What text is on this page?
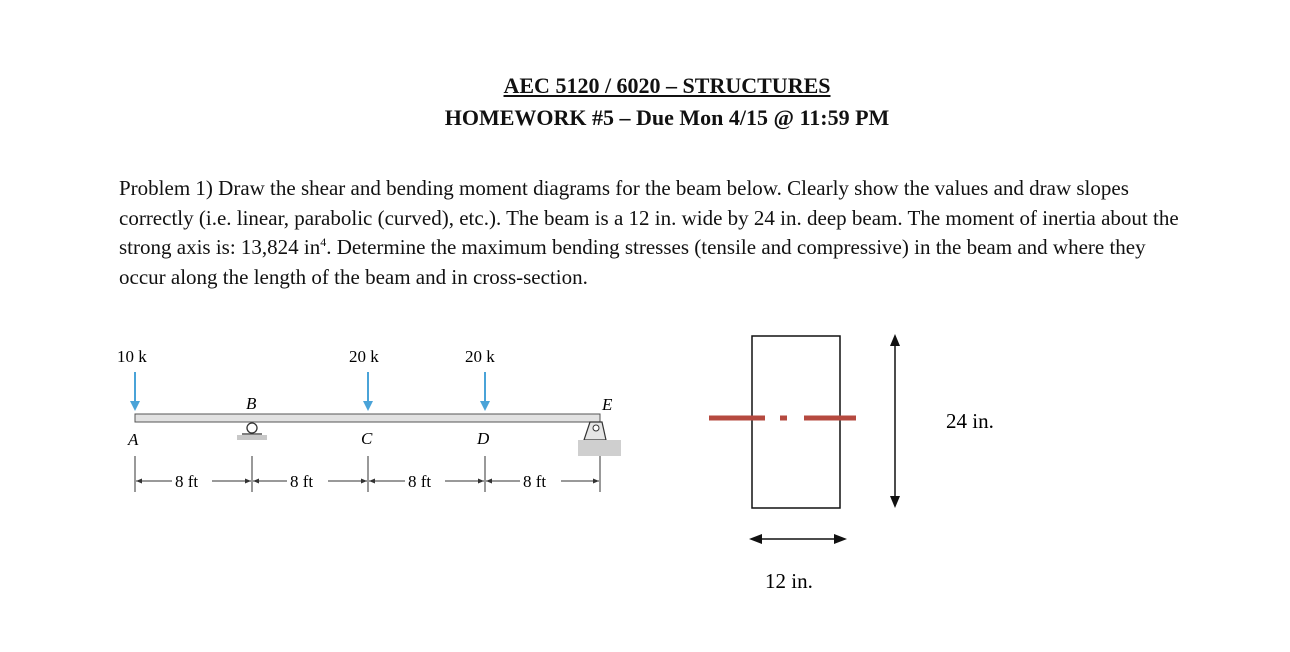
AEC 5120 / 6020 – STRUCTURES
HOMEWORK #5 – Due Mon 4/15 @ 11:59 PM
Problem 1) Draw the shear and bending moment diagrams for the beam below. Clearly show the values and draw slopes correctly (i.e. linear, parabolic (curved), etc.). The beam is a 12 in. wide by 24 in. deep beam. The moment of inertia about the strong axis is: 13,824 $in^4$. Determine the maximum bending stresses (tensile and compressive) in the beam and where they occur along the length of the beam and in cross-section.
10 k	20 k	20 k
A
B
C	D
E
8 ft	8 ft	8 ft	8 ft
24 in.
12 in.
